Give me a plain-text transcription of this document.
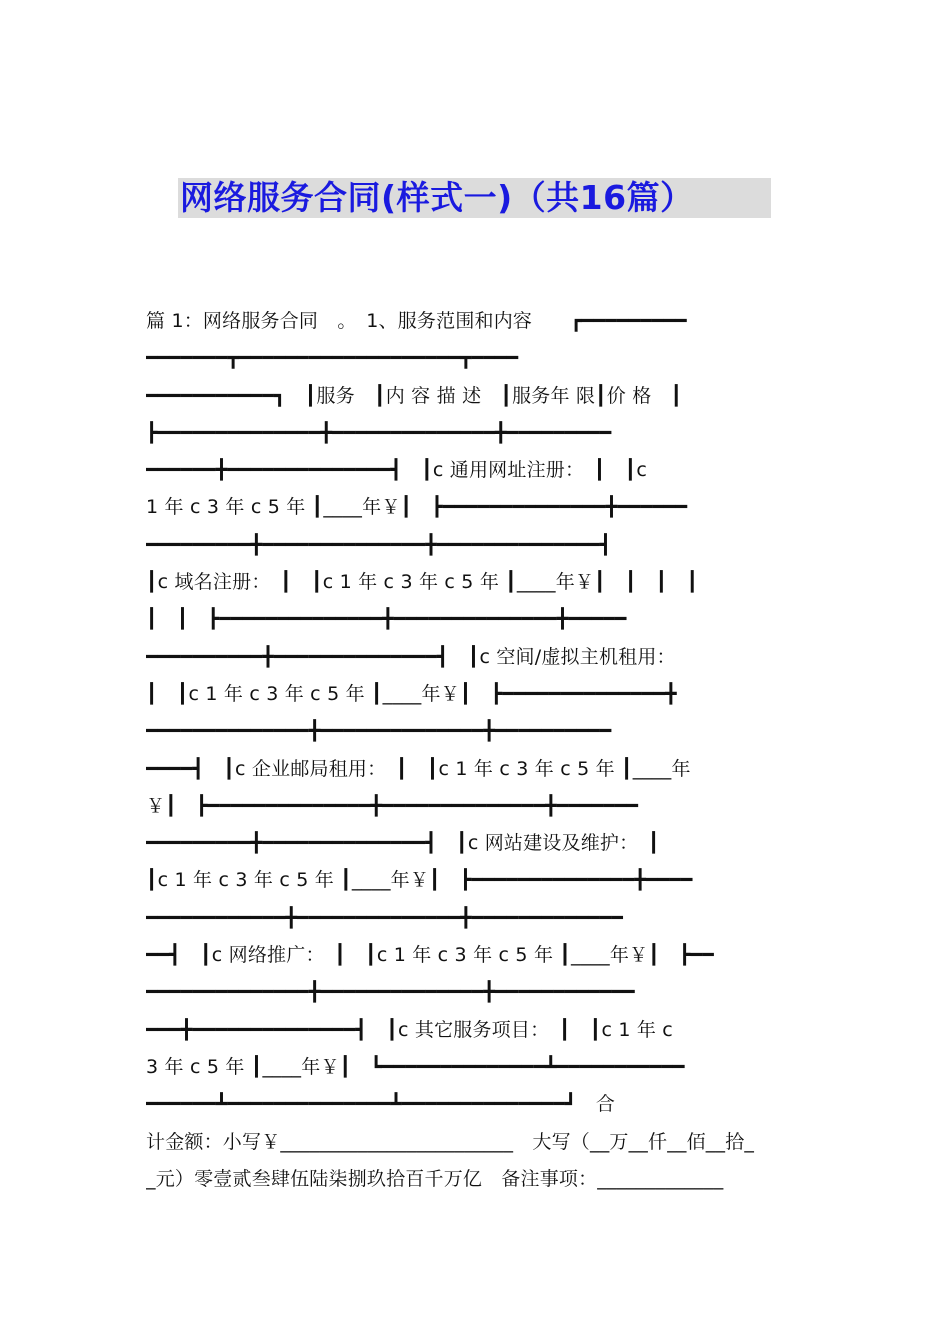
网络服务合同(样式一)（共16篇）
篇 1：网络服务合同　。　1、服务范围和内容　　┏━━━━━━━━━
━━━━━━━┳━━━━━━━━━━━━━━━━━━━┳━━━━
━━━━━━━━━━━┓　┃服务　┃内 容 描 述　┃服务年 限┃价 格　┃
┣━━━━━━━━━━━━━━╋━━━━━━━━━━━━━━╋━━━━━━━━━
━━━━━━╋━━━━━━━━━━━━━━┫　┃c 通用网址注册：　┃　┃c
1 年 c 3 年 c 5 年 ┃____年￥┃　┣━━━━━━━━━━━━━━╋━━━━━━
━━━━━━━━━╋━━━━━━━━━━━━━━╋━━━━━━━━━━━━━━┫
┃c 域名注册：　┃　┃c 1 年 c 3 年 c 5 年 ┃____年￥┃　┃　┃　┃
┃　┃　┣━━━━━━━━━━━━━━╋━━━━━━━━━━━━━━╋━━━━━
━━━━━━━━━━╋━━━━━━━━━━━━━━┫　┃c 空间/虚拟主机租用：
┃　┃c 1 年 c 3 年 c 5 年 ┃____年￥┃　┣━━━━━━━━━━━━━━╋
━━━━━━━━━━━━━━╋━━━━━━━━━━━━━━╋━━━━━━━━━━
━━━━┫　┃c 企业邮局租用：　┃　┃c 1 年 c 3 年 c 5 年 ┃____年
￥┃　┣━━━━━━━━━━━━━━╋━━━━━━━━━━━━━━╋━━━━━━━
━━━━━━━━━╋━━━━━━━━━━━━━━┫　┃c 网站建设及维护：　┃
┃c 1 年 c 3 年 c 5 年 ┃____年￥┃　┣━━━━━━━━━━━━━━╋━━━━
━━━━━━━━━━━━╋━━━━━━━━━━━━━━╋━━━━━━━━━━━━━
━━┫　┃c 网络推广：　┃　┃c 1 年 c 3 年 c 5 年 ┃____年￥┃　┣━━
━━━━━━━━━━━━━━╋━━━━━━━━━━━━━━╋━━━━━━━━━━━━
━━━╋━━━━━━━━━━━━━━┫　┃c 其它服务项目：　┃　┃c 1 年 c
3 年 c 5 年 ┃____年￥┃　┗━━━━━━━━━━━━━━┻━━━━━━━━━━━
━━━━━━┻━━━━━━━━━━━━━━┻━━━━━━━━━━━━━━┛　合
计金额：小写￥________________________　大写（__万__仟__佰__拾_
_元）零壹贰叁肆伍陆柒捌玖拾百千万亿　备注事项：_____________
